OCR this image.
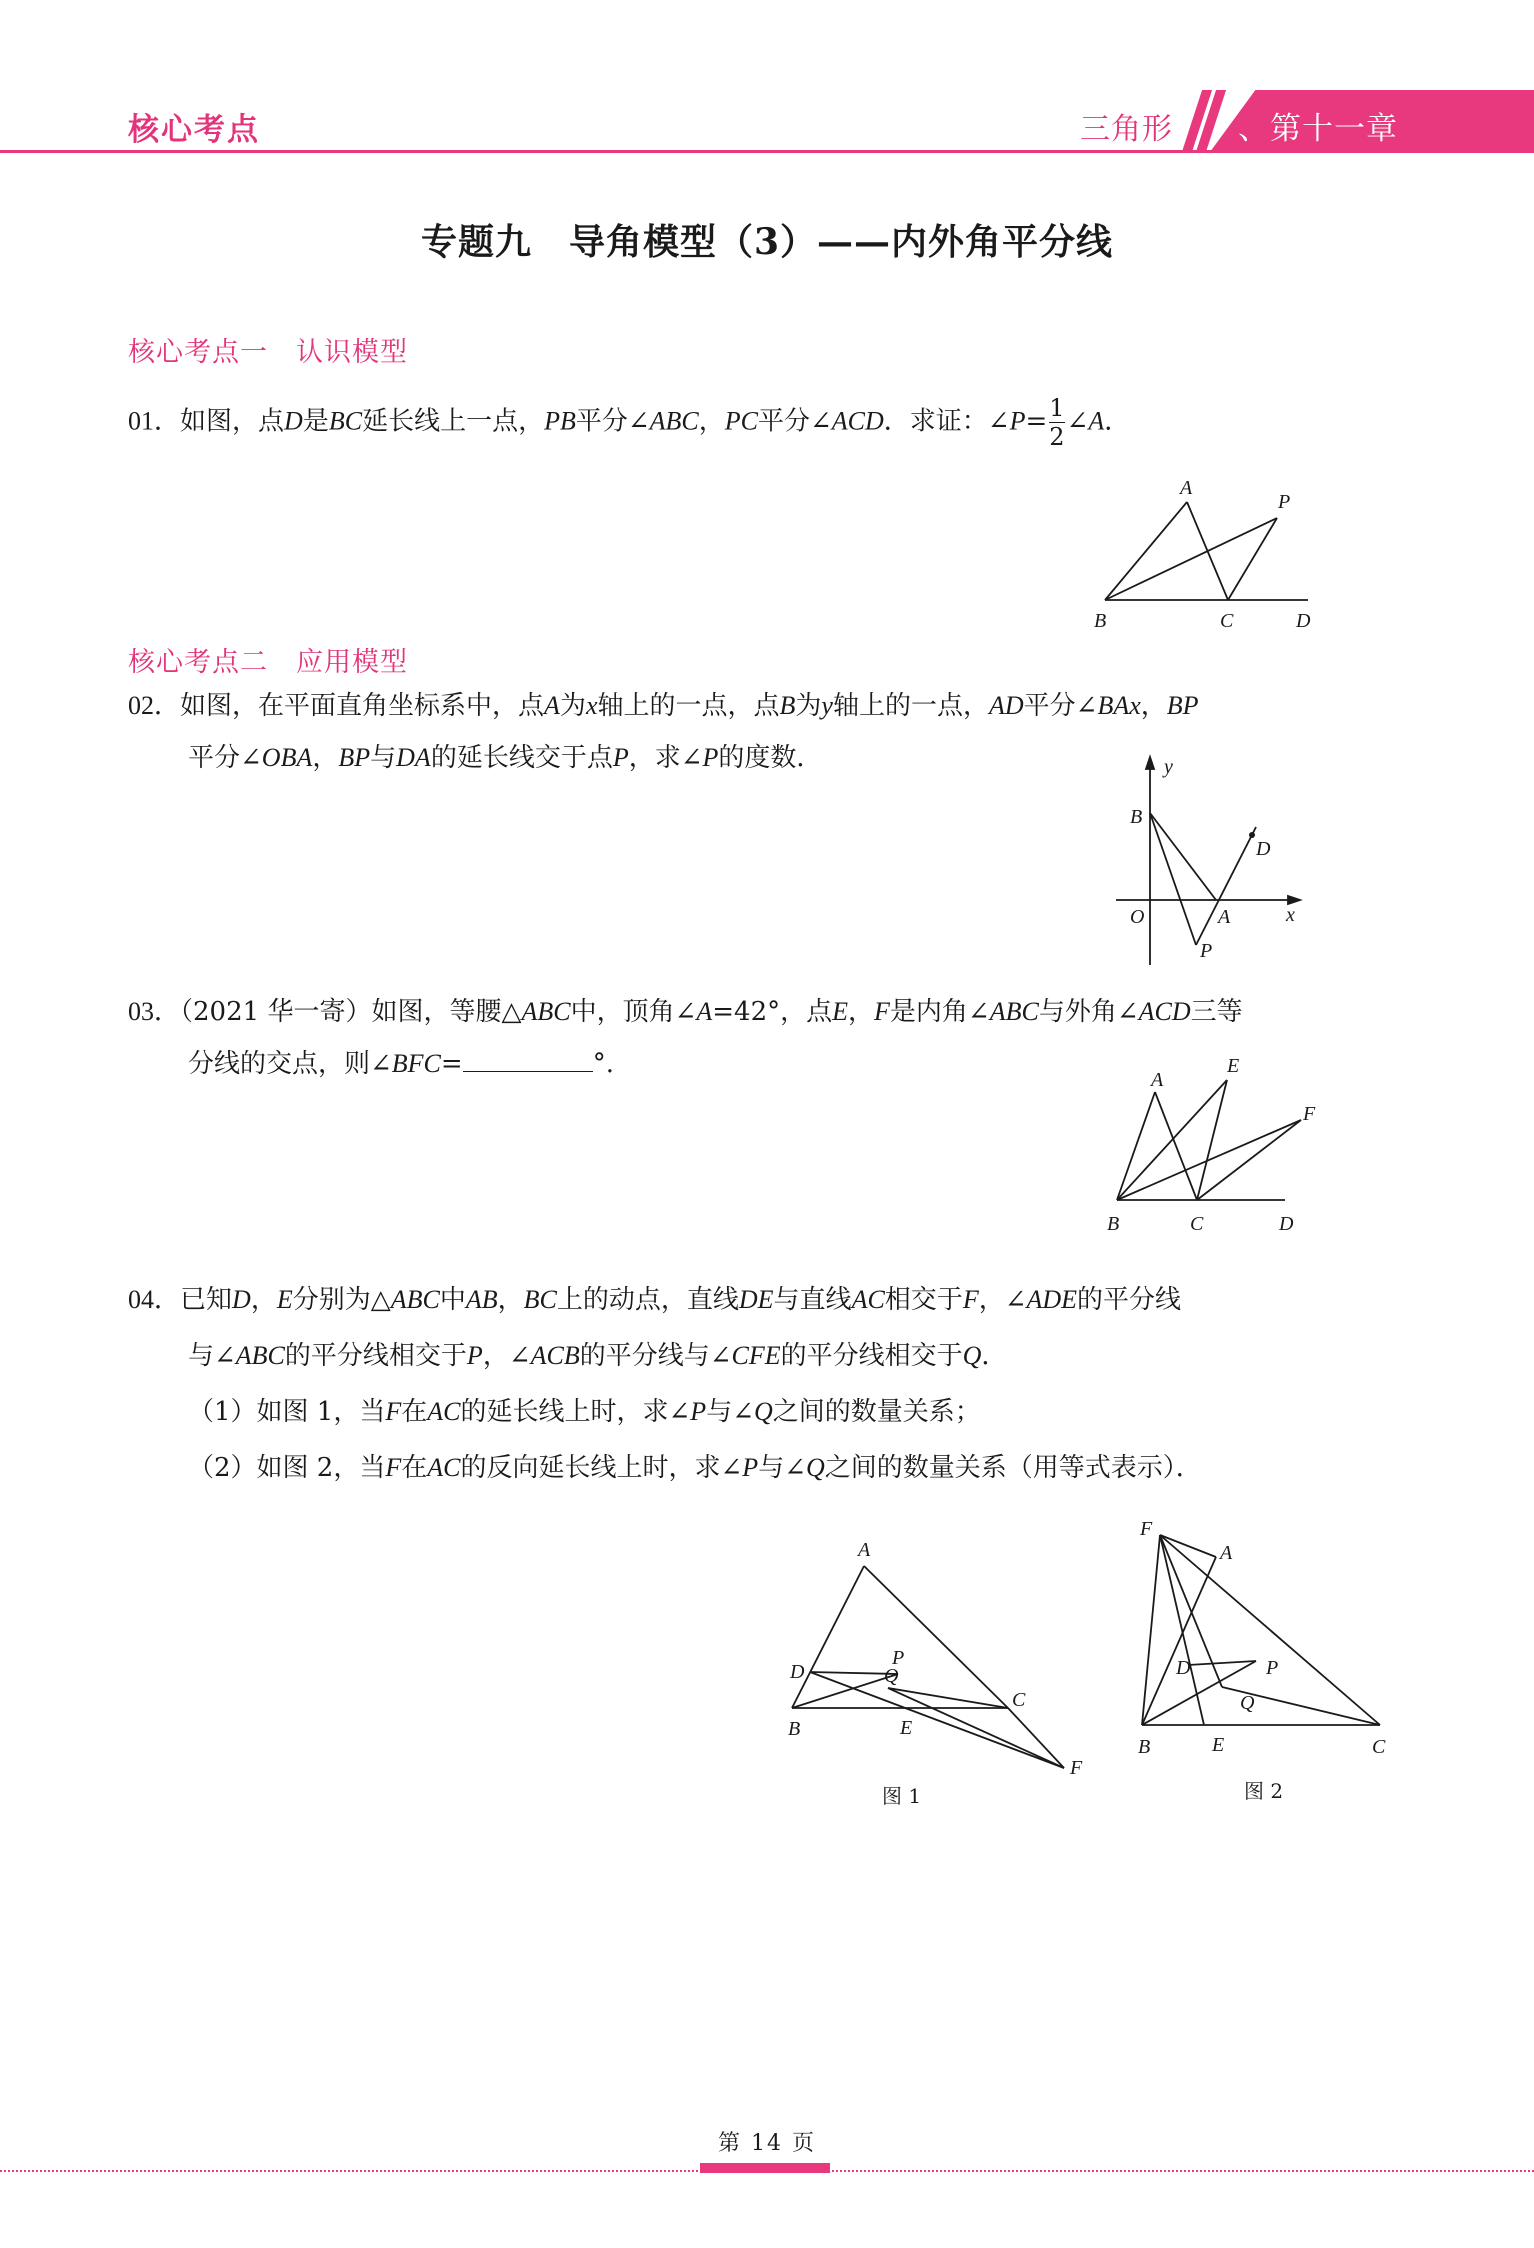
核心考点	三角形 、第十一章
专题九　导角模型（3）——内外角平分线
核心考点一　认识模型
01．如图，点D是BC延长线上一点，PB平分∠ABC，PC平分∠ACD．求证：∠P= $\frac{1}{2}$ ∠A．
A
P
B	C	D
核心考点二　应用模型
02．如图，在平面直角坐标系中，点A为x轴上的一点，点B为y轴上的一点，AD平分∠BAx，BP
平分∠OBA，BP与DA的延长线交于点P，求∠P的度数．	y
B
D
O	A	x
P
03．（2021 华一寄）如图，等腰△ABC中，顶角∠A=42°，点E，F是内角∠ABC与外角∠ACD三等
分线的交点，则∠BFC=	°.
A
E
F
B	C	D
04．已知D，E分别为△ABC中AB，BC上的动点，直线DE与直线AC相交于F，∠ADE的平分线
与∠ABC的平分线相交于P，∠ACB的平分线与∠CFE的平分线相交于Q．
（1）如图 1，当F在AC的延长线上时，求∠P与∠Q之间的数量关系；
（2）如图 2，当F在AC的反向延长线上时，求∠P与∠Q之间的数量关系（用等式表示）．
A
P
D	Q
C
B	E
F
图 1
F
A
D	P
Q
B	E	C
图 2
第 14 页
